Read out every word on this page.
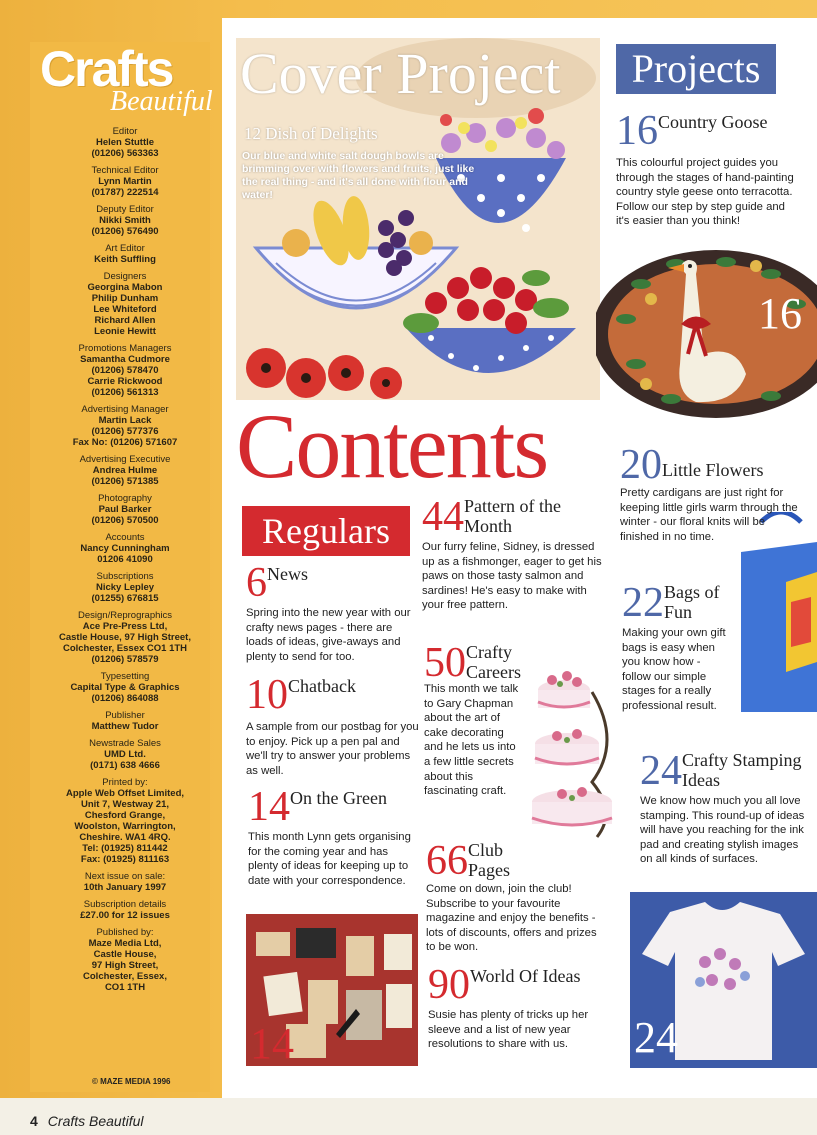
Crafts
Beautiful
Editor
Helen Stuttle
(01206) 563363
Technical Editor
Lynn Martin
(01787) 222514
Deputy Editor
Nikki Smith
(01206) 576490
Art Editor
Keith Suffling
Designers
Georgina Mabon
Philip Dunham
Lee Whiteford
Richard Allen
Leonie Hewitt
Promotions Managers
Samantha Cudmore
(01206) 578470
Carrie Rickwood
(01206) 561313
Advertising Manager
Martin Lack
(01206) 577376
Fax No: (01206) 571607
Advertising Executive
Andrea Hulme
(01206) 571385
Photography
Paul Barker
(01206) 570500
Accounts
Nancy Cunningham
01206 41090
Subscriptions
Nicky Lepley
(01255) 676815
Design/Reprographics
Ace Pre-Press Ltd,
Castle House, 97 High Street,
Colchester, Essex CO1 1TH
(01206) 578579
Typesetting
Capital Type & Graphics
(01206) 864088
Publisher
Matthew Tudor
Newstrade Sales
UMD Ltd.
(0171) 638 4666
Printed by:
Apple Web Offset Limited,
Unit 7, Westway 21,
Chesford Grange,
Woolston, Warrington,
Cheshire. WA1 4RQ.
Tel: (01925) 811442
Fax: (01925) 811163
Next issue on sale:
10th January 1997
Subscription details
£27.00 for 12 issues
Published by:
Maze Media Ltd,
Castle House,
97 High Street,
Colchester, Essex,
CO1 1TH
© MAZE MEDIA 1996
Cover Project
12 Dish of Delights
Our blue and white salt dough bowls are brimming over with flowers and fruits, just like the real thing - and it's all done with flour and water!
Projects
16
Contents
Regulars
14	24
16Country Goose
This colourful project guides you through the stages of hand-painting country style geese onto terracotta. Follow our step by step guide and it's easier than you think!
20Little Flowers
Pretty cardigans are just right for keeping little girls warm through the winter - our floral knits will be finished in no time.
22Bags of Fun
Making your own gift bags is easy when you know how - follow our simple stages for a really professional result.
24Crafty Stamping Ideas
We know how much you all love stamping. This round-up of ideas will have you reaching for the ink pad and creating stylish images on all kinds of surfaces.
6News
Spring into the new year with our crafty news pages - there are loads of ideas, give-aways and plenty to send for too.
10Chatback
A sample from our postbag for you to enjoy. Pick up a pen pal and we'll try to answer your problems as well.
14On the Green
This month Lynn gets organising for the coming year and has plenty of ideas for keeping up to date with your correspondence.
44Pattern of the Month
Our furry feline, Sidney, is dressed up as a fishmonger, eager to get his paws on those tasty salmon and sardines! He's easy to make with your free pattern.
50Crafty Careers
This month we talk to Gary Chapman about the art of cake decorating and he lets us into a few little secrets about this fascinating craft.
66Club Pages
Come on down, join the club! Subscribe to your favourite magazine and enjoy the benefits - lots of discounts, offers and prizes to be won.
90World Of Ideas
Susie has plenty of tricks up her sleeve and a list of new year resolutions to share with us.
4 Crafts Beautiful
